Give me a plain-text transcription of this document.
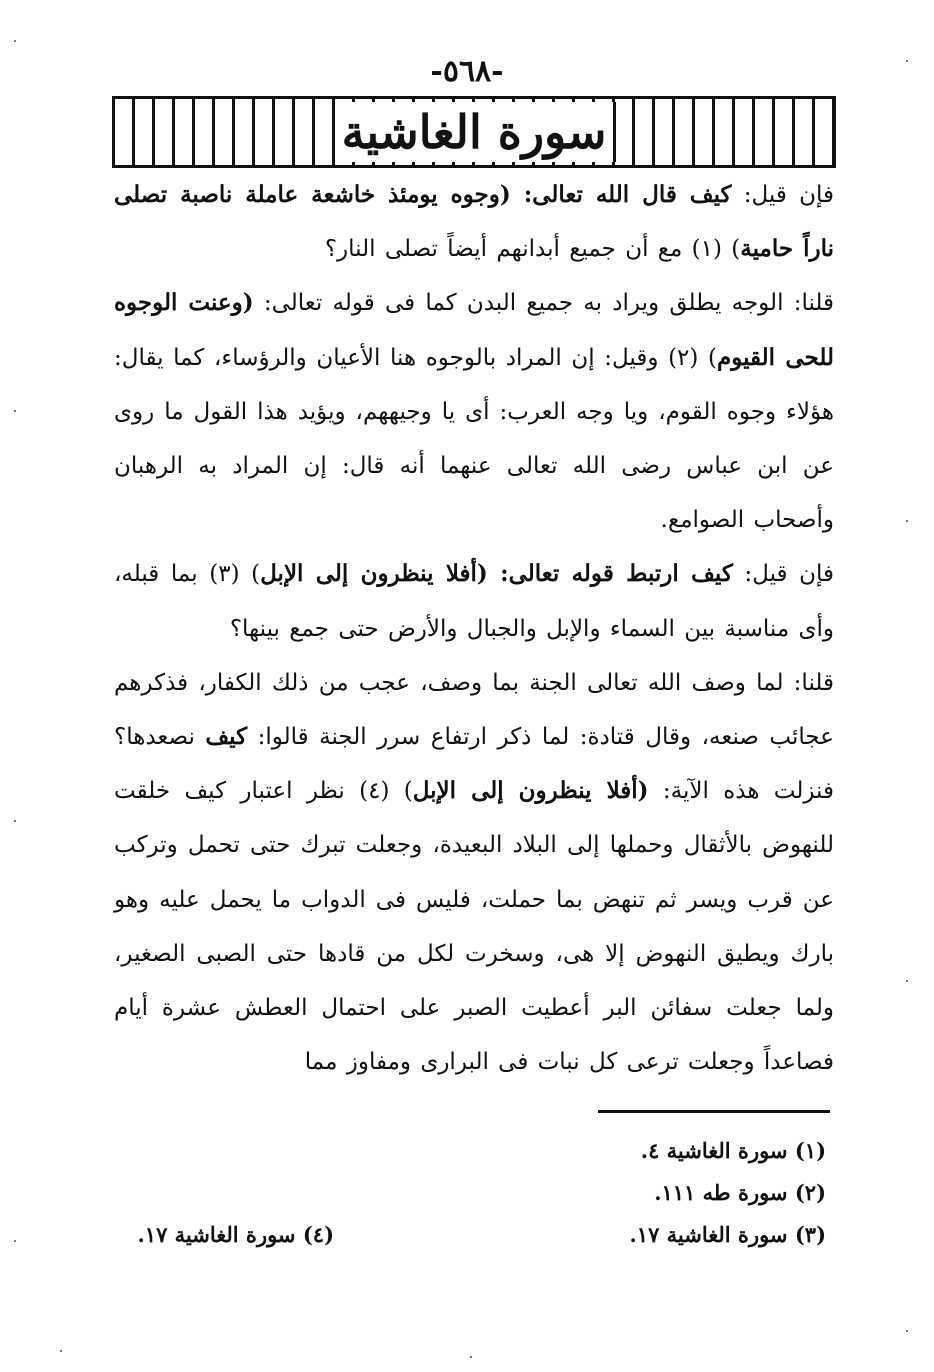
-٥٦٨-
سورة الغاشية

فإن قيل: كيف قال الله تعالى: (وجوه يومئذ خاشعة عاملة ناصبة تصلى ناراً حامية) (١) مع أن جميع أبدانهم أيضاً تصلى النار؟

قلنا: الوجه يطلق ويراد به جميع البدن كما فى قوله تعالى: (وعنت الوجوه للحى القيوم) (٢) وقيل: إن المراد بالوجوه هنا الأعيان والرؤساء، كما يقال: هؤلاء وجوه القوم، ويا وجه العرب: أى يا وجيههم، ويؤيد هذا القول ما روى عن ابن عباس رضى الله تعالى عنهما أنه قال: إن المراد به الرهبان وأصحاب الصوامع.

فإن قيل: كيف ارتبط قوله تعالى: (أفلا ينظرون إلى الإبل) (٣) بما قبله، وأى مناسبة بين السماء والإبل والجبال والأرض حتى جمع بينها؟

قلنا: لما وصف الله تعالى الجنة بما وصف، عجب من ذلك الكفار، فذكرهم عجائب صنعه، وقال قتادة: لما ذكر ارتفاع سرر الجنة قالوا: كيف نصعدها؟ فنزلت هذه الآية: (أفلا ينظرون إلى الإبل) (٤) نظر اعتبار كيف خلقت للنهوض بالأثقال وحملها إلى البلاد البعيدة، وجعلت تبرك حتى تحمل وتركب عن قرب ويسر ثم تنهض بما حملت، فليس فى الدواب ما يحمل عليه وهو بارك ويطيق النهوض إلا هى، وسخرت لكل من قادها حتى الصبى الصغير، ولما جعلت سفائن البر أعطيت الصبر على احتمال العطش عشرة أيام فصاعداً وجعلت ترعى كل نبات فى البرارى ومفاوز مما

(١) سورة الغاشية ٤.
(٢) سورة طه ١١١.
(٣) سورة الغاشية ١٧.
(٤) سورة الغاشية ١٧.
